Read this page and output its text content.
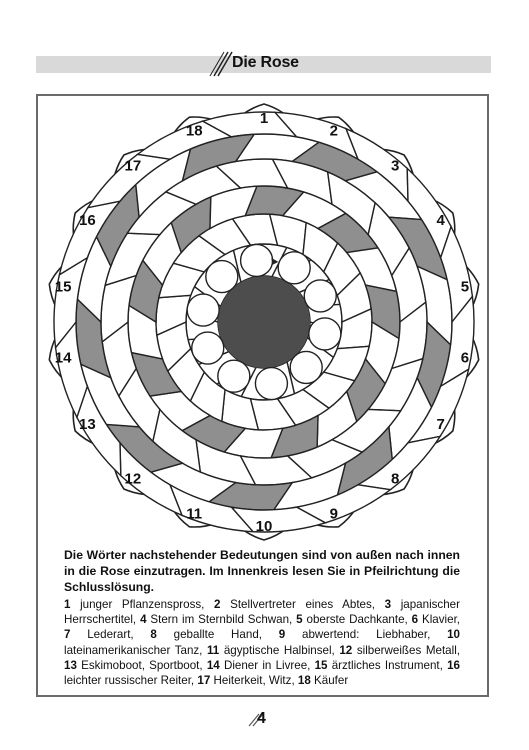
Die Rose
1
2
3
4
5
6
7
8
9
10
11
12
13
14
15
16
17
18
Die Wörter nachstehender Bedeutungen sind von außen nach innen in die Rose einzutragen. Im Innenkreis lesen Sie in Pfeilrichtung die Schlusslösung.
1 junger Pflanzenspross, 2 Stellvertreter eines Abtes, 3 japanischer Herrschertitel, 4 Stern im Sternbild Schwan, 5 oberste Dachkante, 6 Klavier, 7 Lederart, 8 geballte Hand, 9 abwertend: Liebhaber, 10 lateinamerikanischer Tanz, 11 ägyptische Halbinsel, 12 silberweißes Metall, 13 Eskimoboot, Sportboot, 14 Diener in Livree, 15 ärztliches Instrument, 16 leichter russischer Reiter, 17 Heiterkeit, Witz, 18 Käufer
4
